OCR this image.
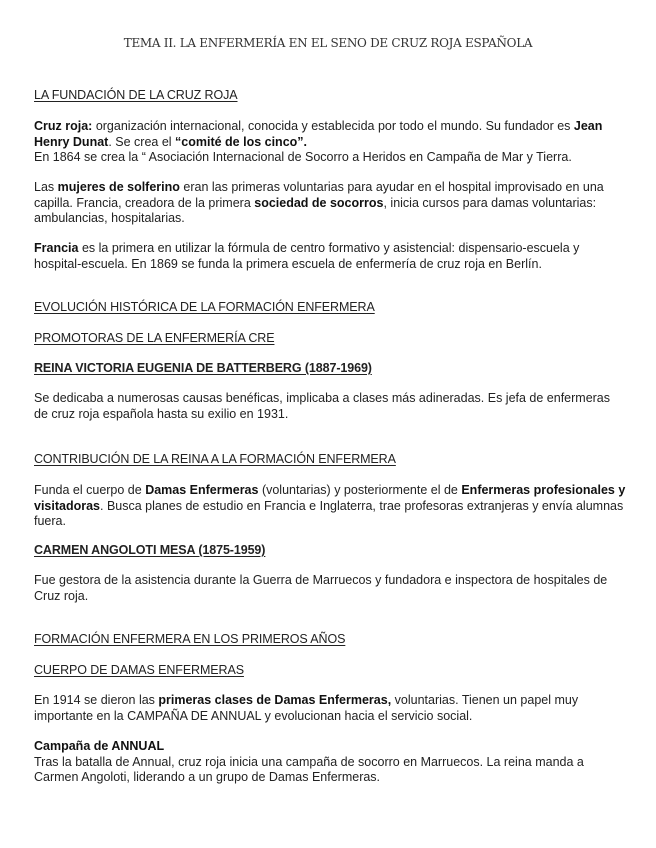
TEMA II. LA ENFERMERÍA EN EL SENO DE CRUZ ROJA ESPAÑOLA
LA FUNDACIÓN DE LA CRUZ ROJA
Cruz roja: organización internacional, conocida y establecida por todo el mundo. Su fundador es Jean Henry Dunat. Se crea el “comité de los cinco”.
En 1864 se crea la “ Asociación Internacional de Socorro a Heridos en Campaña de Mar y Tierra.
Las mujeres de solferino eran las primeras voluntarias para ayudar en el hospital improvisado en una capilla. Francia, creadora de la primera sociedad de socorros, inicia cursos para damas voluntarias: ambulancias, hospitalarias.
Francia es la primera en utilizar la fórmula de centro formativo y asistencial: dispensario-escuela y hospital-escuela. En 1869 se funda la primera escuela de enfermería de cruz roja en Berlín.
EVOLUCIÓN HISTÓRICA DE LA FORMACIÓN ENFERMERA
PROMOTORAS DE LA ENFERMERÍA CRE
REINA VICTORIA EUGENIA DE BATTERBERG (1887-1969)
Se dedicaba a numerosas causas benéficas, implicaba a clases más adineradas. Es jefa de enfermeras de cruz roja española hasta su exilio en 1931.
CONTRIBUCIÓN DE LA REINA A LA FORMACIÓN ENFERMERA
Funda el cuerpo de Damas Enfermeras (voluntarias) y posteriormente el de Enfermeras profesionales y visitadoras. Busca planes de estudio en Francia e Inglaterra, trae profesoras extranjeras y envía alumnas fuera.
CARMEN ANGOLOTI MESA (1875-1959)
Fue gestora de la asistencia durante la Guerra de Marruecos y fundadora e inspectora de hospitales de Cruz roja.
FORMACIÓN ENFERMERA EN LOS PRIMEROS AÑOS
CUERPO DE DAMAS ENFERMERAS
En 1914 se dieron las primeras clases de Damas Enfermeras, voluntarias. Tienen un papel muy importante en la CAMPAÑA DE ANNUAL y evolucionan hacia el servicio social.
Campaña de ANNUAL
Tras la batalla de Annual, cruz roja inicia una campaña de socorro en Marruecos. La reina manda a Carmen Angoloti, liderando a un grupo de Damas Enfermeras.
